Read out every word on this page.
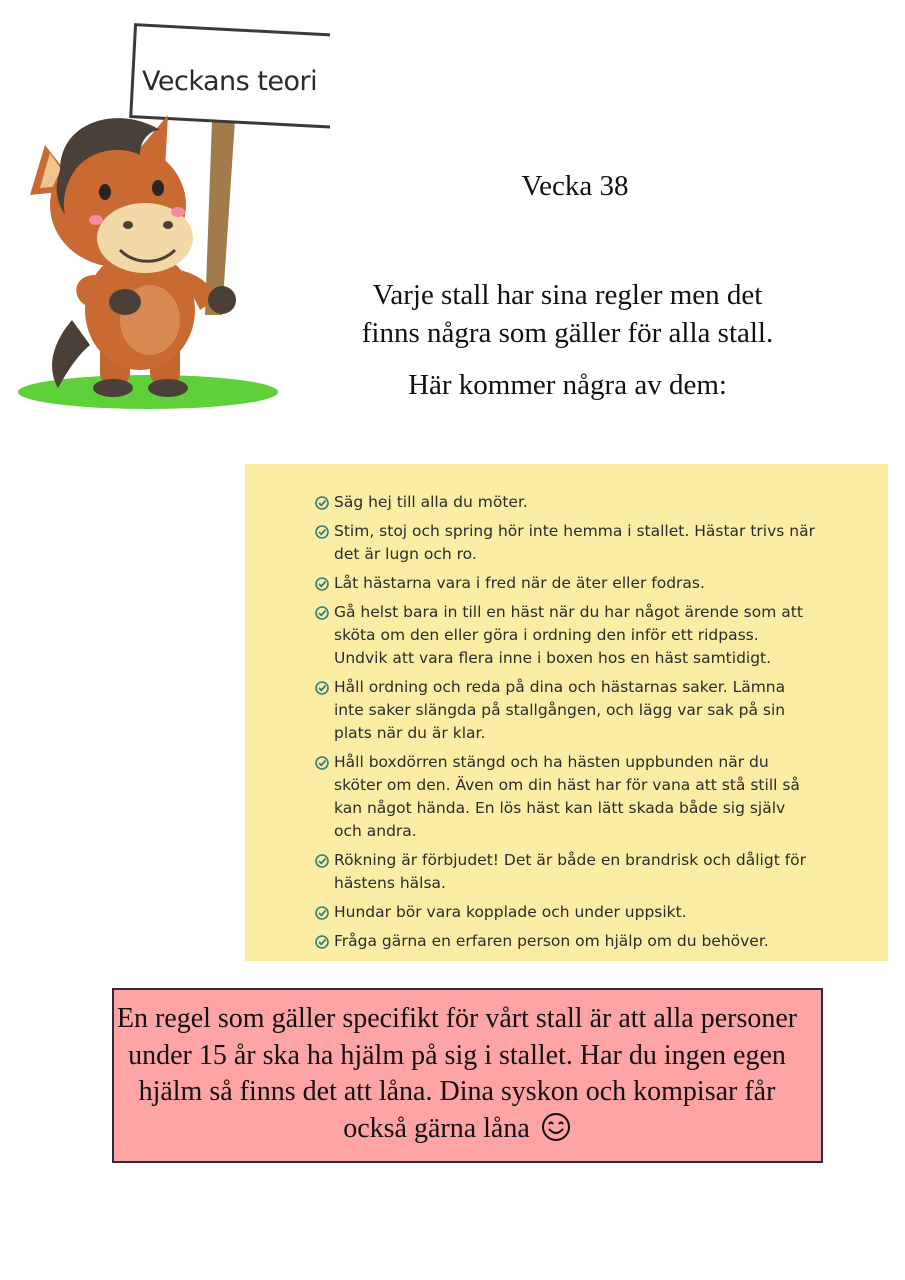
Veckans teori
Vecka 38

Varje stall har sina regler men det

finns några som gäller för alla stall.

Här kommer några av dem:

Säg hej till alla du möter.
Stim, stoj och spring hör inte hemma i stallet. Hästar trivs när det är lugn och ro.
Låt hästarna vara i fred när de äter eller fodras.
Gå helst bara in till en häst när du har något ärende som att sköta om den eller göra i ordning den inför ett ridpass. Undvik att vara flera inne i boxen hos en häst samtidigt.
Håll ordning och reda på dina och hästarnas saker. Lämna inte saker slängda på stallgången, och lägg var sak på sin plats när du är klar.
Håll boxdörren stängd och ha hästen uppbunden när du sköter om den. Även om din häst har för vana att stå still så kan något hända. En lös häst kan lätt skada både sig själv och andra.
Rökning är förbjudet! Det är både en brandrisk och dåligt för hästens hälsa.
Hundar bör vara kopplade och under uppsikt.
Fråga gärna en erfaren person om hjälp om du behöver.

En regel som gäller specifikt för vårt stall är att alla personer under 15 år ska ha hjälm på sig i stallet. Har du ingen egen hjälm så finns det att låna. Dina syskon och kompisar får också gärna låna
